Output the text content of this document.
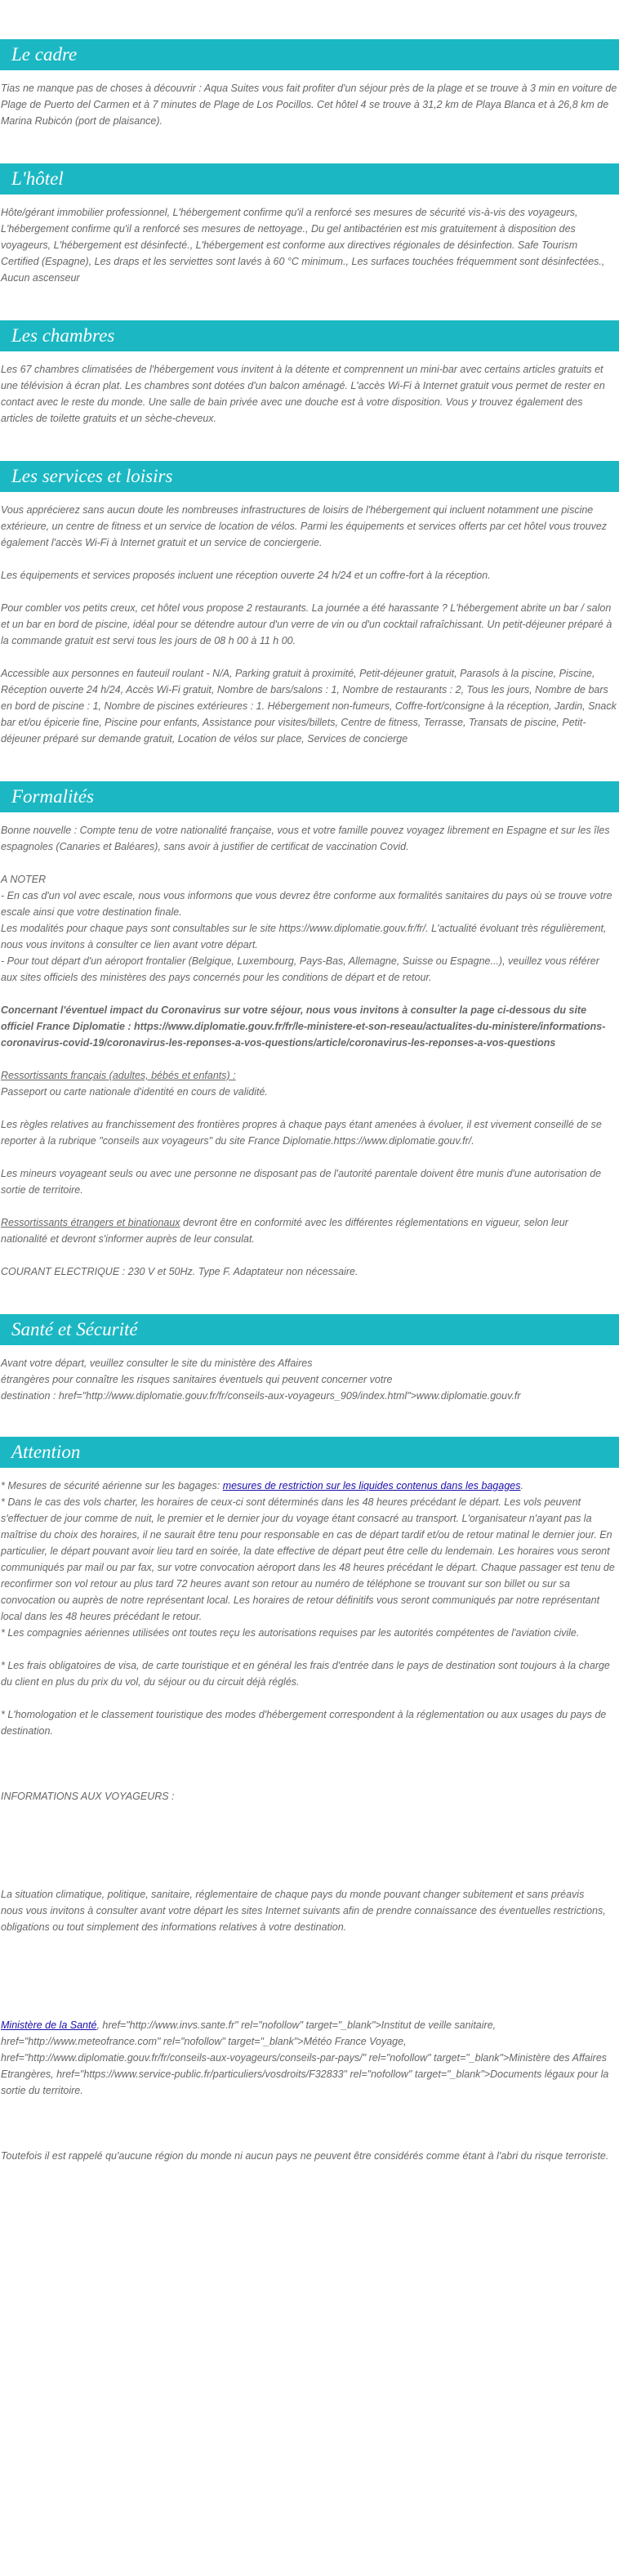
Le cadre

Tias ne manque pas de choses à découvrir : Aqua Suites vous fait profiter d'un séjour près de la plage et se trouve à 3 min en voiture de Plage de Puerto del Carmen et à 7 minutes de Plage de Los Pocillos. Cet hôtel 4 se trouve à 31,2 km de Playa Blanca et à 26,8 km de Marina Rubicón (port de plaisance).

L'hôtel

Hôte/gérant immobilier professionnel, L'hébergement confirme qu'il a renforcé ses mesures de sécurité vis-à-vis des voyageurs, L'hébergement confirme qu'il a renforcé ses mesures de nettoyage., Du gel antibactérien est mis gratuitement à disposition des voyageurs, L'hébergement est désinfecté., L'hébergement est conforme aux directives régionales de désinfection. Safe Tourism Certified (Espagne), Les draps et les serviettes sont lavés à 60 °C minimum., Les surfaces touchées fréquemment sont désinfectées., Aucun ascenseur

Les chambres

Les 67 chambres climatisées de l'hébergement vous invitent à la détente et comprennent un mini-bar avec certains articles gratuits et une télévision à écran plat. Les chambres sont dotées d'un balcon aménagé. L'accès Wi-Fi à Internet gratuit vous permet de rester en contact avec le reste du monde. Une salle de bain privée avec une douche est à votre disposition. Vous y trouvez également des articles de toilette gratuits et un sèche-cheveux.

Les services et loisirs

Vous apprécierez sans aucun doute les nombreuses infrastructures de loisirs de l'hébergement qui incluent notamment une piscine extérieure, un centre de fitness et un service de location de vélos. Parmi les équipements et services offerts par cet hôtel vous trouvez également l'accès Wi-Fi à Internet gratuit et un service de conciergerie.

Les équipements et services proposés incluent une réception ouverte 24 h/24 et un coffre-fort à la réception.

Pour combler vos petits creux, cet hôtel vous propose 2 restaurants. La journée a été harassante ? L'hébergement abrite un bar / salon et un bar en bord de piscine, idéal pour se détendre autour d'un verre de vin ou d'un cocktail rafraîchissant. Un petit-déjeuner préparé à la commande gratuit est servi tous les jours de 08 h 00 à 11 h 00.

Accessible aux personnes en fauteuil roulant - N/A, Parking gratuit à proximité, Petit-déjeuner gratuit, Parasols à la piscine, Piscine, Réception ouverte 24 h/24, Accès Wi-Fi gratuit, Nombre de bars/salons : 1, Nombre de restaurants : 2, Tous les jours, Nombre de bars en bord de piscine : 1, Nombre de piscines extérieures : 1. Hébergement non-fumeurs, Coffre-fort/consigne à la réception, Jardin, Snack bar et/ou épicerie fine, Piscine pour enfants, Assistance pour visites/billets, Centre de fitness, Terrasse, Transats de piscine, Petit-déjeuner préparé sur demande gratuit, Location de vélos sur place, Services de concierge

Formalités

Bonne nouvelle : Compte tenu de votre nationalité française, vous et votre famille pouvez voyagez librement en Espagne et sur les îles espagnoles (Canaries et Baléares), sans avoir à justifier de certificat de vaccination Covid.

A NOTER

- En cas d'un vol avec escale, nous vous informons que vous devrez être conforme aux formalités sanitaires du pays où se trouve votre escale ainsi que votre destination finale.

Les modalités pour chaque pays sont consultables sur le site https://www.diplomatie.gouv.fr/fr/. L'actualité évoluant très régulièrement, nous vous invitons à consulter ce lien avant votre départ.

- Pour tout départ d'un aéroport frontalier (Belgique, Luxembourg, Pays-Bas, Allemagne, Suisse ou Espagne...), veuillez vous référer aux sites officiels des ministères des pays concernés pour les conditions de départ et de retour.

Concernant l'éventuel impact du Coronavirus sur votre séjour, nous vous invitons à consulter la page ci-dessous du site officiel France Diplomatie : https://www.diplomatie.gouv.fr/fr/le-ministere-et-son-reseau/actualites-du-ministere/informations-coronavirus-covid-19/coronavirus-les-reponses-a-vos-questions/article/coronavirus-les-reponses-a-vos-questions

Ressortissants français (adultes, bébés et enfants) :

Passeport ou carte nationale d'identité en cours de validité.

Les règles relatives au franchissement des frontières propres à chaque pays étant amenées à évoluer, il est vivement conseillé de se reporter à la rubrique "conseils aux voyageurs" du site France Diplomatie.https://www.diplomatie.gouv.fr/.

Les mineurs voyageant seuls ou avec une personne ne disposant pas de l'autorité parentale doivent être munis d'une autorisation de sortie de territoire.

Ressortissants étrangers et binationaux devront être en conformité avec les différentes réglementations en vigueur, selon leur nationalité et devront s'informer auprès de leur consulat.

COURANT ELECTRIQUE : 230 V et 50Hz. Type F. Adaptateur non nécessaire.

Santé et Sécurité

Avant votre départ, veuillez consulter le site du ministère des Affaires

étrangères pour connaître les risques sanitaires éventuels qui peuvent concerner votre

destination : href="http://www.diplomatie.gouv.fr/fr/conseils-aux-voyageurs_909/index.html">www.diplomatie.gouv.fr

Attention

* Mesures de sécurité aérienne sur les bagages: mesures de restriction sur les liquides contenus dans les bagages.

* Dans le cas des vols charter, les horaires de ceux-ci sont déterminés dans les 48 heures précédant le départ. Les vols peuvent s'effectuer de jour comme de nuit, le premier et le dernier jour du voyage étant consacré au transport. L'organisateur n'ayant pas la maîtrise du choix des horaires, il ne saurait être tenu pour responsable en cas de départ tardif et/ou de retour matinal le dernier jour. En particulier, le départ pouvant avoir lieu tard en soirée, la date effective de départ peut être celle du lendemain. Les horaires vous seront communiqués par mail ou par fax, sur votre convocation aéroport dans les 48 heures précédant le départ. Chaque passager est tenu de reconfirmer son vol retour au plus tard 72 heures avant son retour au numéro de téléphone se trouvant sur son billet ou sur sa convocation ou auprès de notre représentant local. Les horaires de retour définitifs vous seront communiqués par notre représentant local dans les 48 heures précédant le retour.

* Les compagnies aériennes utilisées ont toutes reçu les autorisations requises par les autorités compétentes de l'aviation civile.

* Les frais obligatoires de visa, de carte touristique et en général les frais d'entrée dans le pays de destination sont toujours à la charge du client en plus du prix du vol, du séjour ou du circuit déjà réglés.

* L'homologation et le classement touristique des modes d'hébergement correspondent à la réglementation ou aux usages du pays de destination.

INFORMATIONS AUX VOYAGEURS :

La situation climatique, politique, sanitaire, réglementaire de chaque pays du monde pouvant changer subitement et sans préavis

nous vous invitons à consulter avant votre départ les sites Internet suivants afin de prendre connaissance des éventuelles restrictions, obligations ou tout simplement des informations relatives à votre destination.

Ministère de la Santé, href="http://www.invs.sante.fr" rel="nofollow" target="_blank">Institut de veille sanitaire, href="http://www.meteofrance.com" rel="nofollow" target="_blank">Météo France Voyage, href="http://www.diplomatie.gouv.fr/fr/conseils-aux-voyageurs/conseils-par-pays/" rel="nofollow" target="_blank">Ministère des Affaires Etrangères, href="https://www.service-public.fr/particuliers/vosdroits/F32833" rel="nofollow" target="_blank">Documents légaux pour la sortie du territoire.

Toutefois il est rappelé qu'aucune région du monde ni aucun pays ne peuvent être considérés comme étant à l'abri du risque terroriste.
